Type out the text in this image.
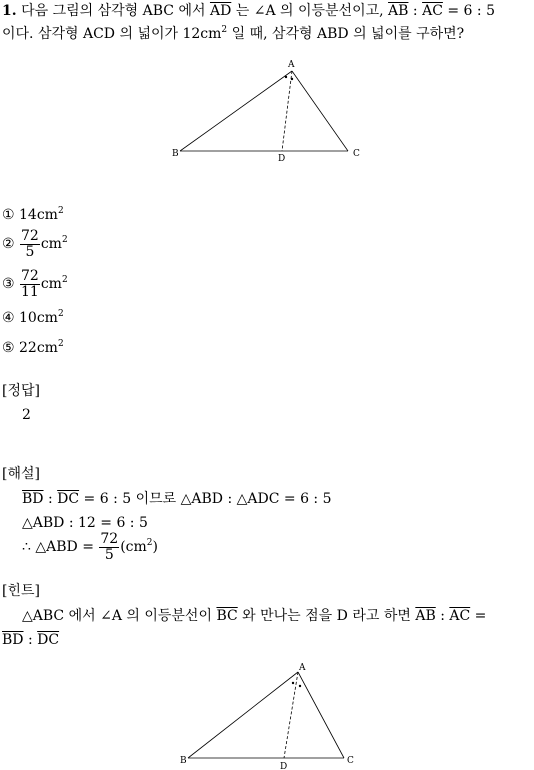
1. 다음 그림의 삼각형 ABC 에서 $\overline{AD}$ 는 ∠A 의 이등분선이고, $\overline{AB}$ : $\overline{AC} = 6$ : 5
이다. 삼각형 ACD 의 넓이가 $12cm^2$ 일 때, 삼각형 ABD 의 넓이를 구하면?
A
B	C
D
① $14cm^2$
② $\frac{72}{5} cm^2$
③ $\frac{72}{11} cm^2$
④ $10cm^2$
⑤ $22cm^2$
[정답]
2
[해설]
$\overline{BD}$ : $\overline{DC} = 6$ : 5 이므로 △ABD : △ADC = 6 : 5
△ABD : 12 = 6 : 5
∴ △ABD = $\frac{72}{5} (cm^2)$
[힌트]
△ABC 에서 ∠A 의 이등분선이 $\overline{BC}$ 와 만나는 점을 D 라고 하면 $\overline{AB}$ : $\overline{AC}$ =
$\overline{BD}$ : $\overline{DC}$
A
B	C
D
